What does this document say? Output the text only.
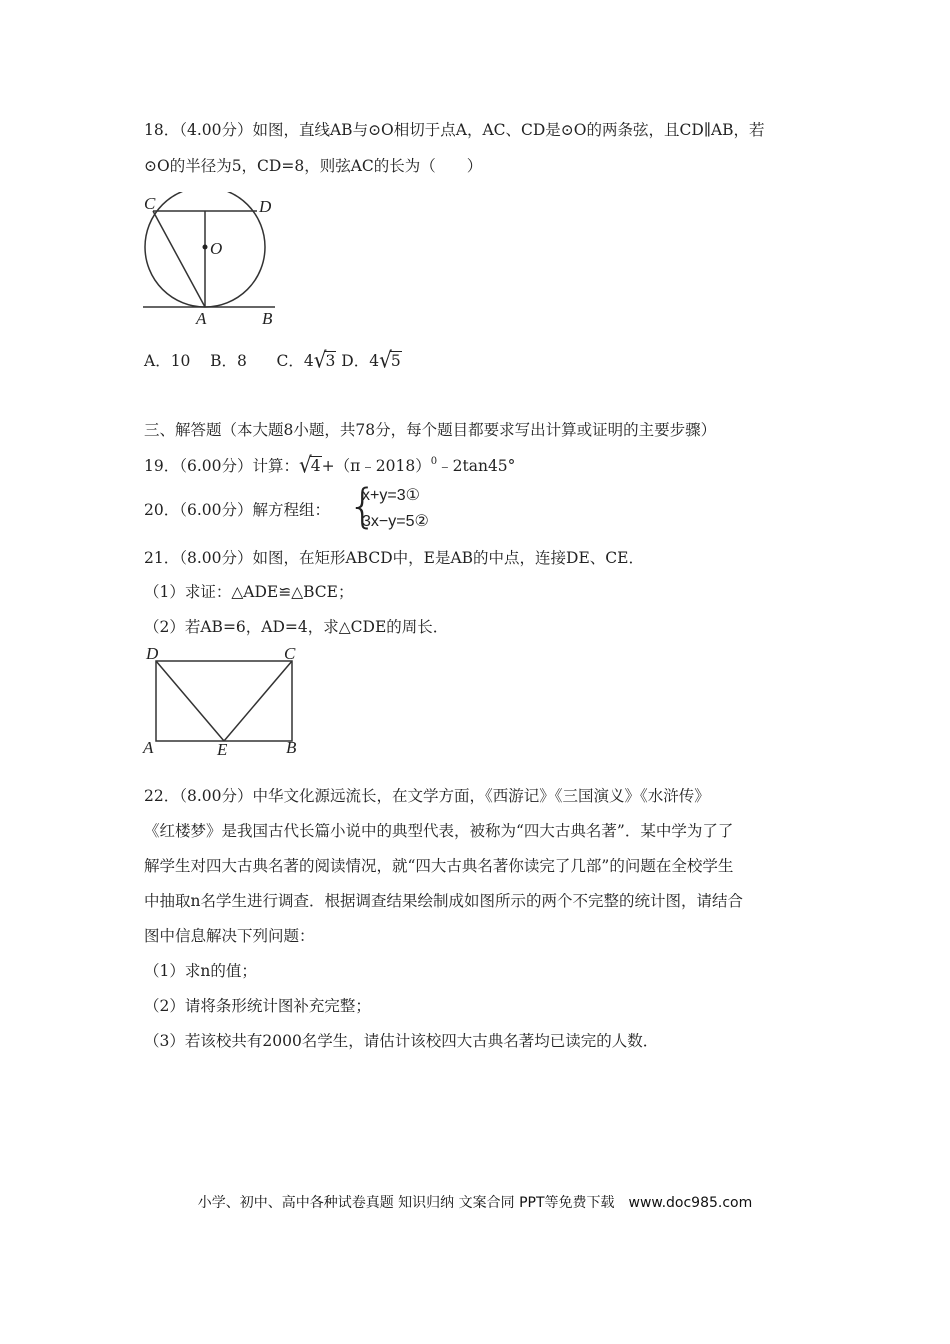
18．（4.00分）如图，直线AB与⊙O相切于点A，AC、CD是⊙O的两条弦，且CD∥AB，若
⊙O的半径为5，CD=8，则弦AC的长为（　　）
C	D
O
A	B
A．10 B．8 C．4√3 D．4√5
三、解答题（本大题8小题，共78分，每个题目都要求写出计算或证明的主要步骤）
19．（6.00分）计算：√4+（π﹣2018）$^0$﹣2tan45°
20．（6.00分）解方程组： {
x+y=3①
3x−y=5②
21．（8.00分）如图，在矩形ABCD中，E是AB的中点，连接DE、CE．
（1）求证：△ADE≌△BCE；
（2）若AB=6，AD=4，求△CDE的周长．
D	C
A	E	B
22．（8.00分）中华文化源远流长，在文学方面，《西游记》《三国演义》《水浒传》
《红楼梦》是我国古代长篇小说中的典型代表，被称为“四大古典名著”．某中学为了了
解学生对四大古典名著的阅读情况，就“四大古典名著你读完了几部”的问题在全校学生
中抽取n名学生进行调查．根据调查结果绘制成如图所示的两个不完整的统计图，请结合
图中信息解决下列问题：
（1）求n的值；
（2）请将条形统计图补充完整；
（3）若该校共有2000名学生，请估计该校四大古典名著均已读完的人数．
小学、初中、高中各种试卷真题 知识归纳 文案合同 PPT等免费下载　www.doc985.com
